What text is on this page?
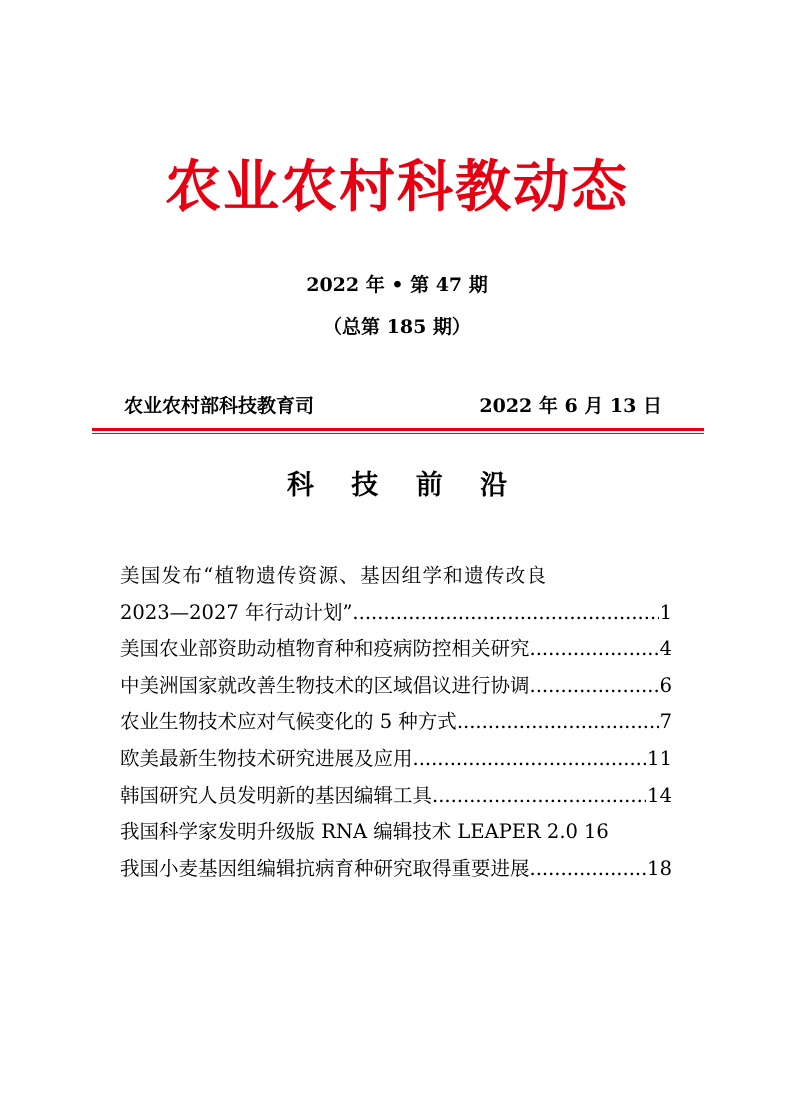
农业农村科教动态
2022 年 • 第 47 期
（总第 185 期）
农业农村部科技教育司	2022 年 6 月 13 日
科 技 前 沿
美国发布“植物遗传资源、基因组学和遗传改良
2023—2027 年行动计划” .....	1
美国农业部资助动植物育种和疫病防控相关研究 .....	4
中美洲国家就改善生物技术的区域倡议进行协调 .....	6
农业生物技术应对气候变化的 5 种方式 .....	7
欧美最新生物技术研究进展及应用 .....	11
韩国研究人员发明新的基因编辑工具 .....	14
我国科学家发明升级版 RNA 编辑技术 LEAPER 2.0 16
我国小麦基因组编辑抗病育种研究取得重要进展 .....	18
